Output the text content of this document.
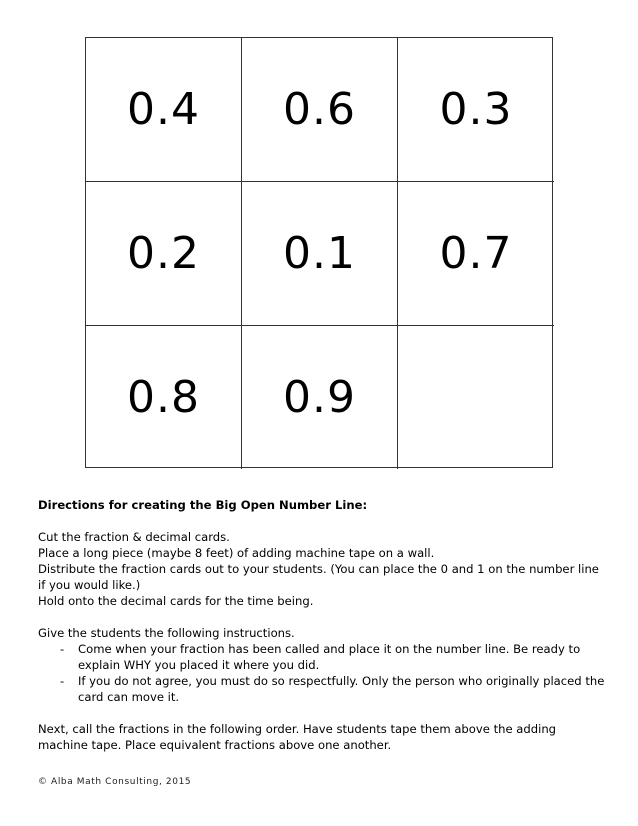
0.4	0.6	0.3
0.2	0.1	0.7
0.8	0.9

Directions for creating the Big Open Number Line:

Cut the fraction & decimal cards.

Place a long piece (maybe 8 feet) of adding machine tape on a wall.

Distribute the fraction cards out to your students. (You can place the 0 and 1 on the number line if you would like.)

Hold onto the decimal cards for the time being.

Give the students the following instructions.

- Come when your fraction has been called and place it on the number line. Be ready to explain WHY you placed it where you did.
- If you do not agree, you must do so respectfully. Only the person who originally placed the card can move it.

Next, call the fractions in the following order. Have students tape them above the adding machine tape. Place equivalent fractions above one another.

© Alba Math Consulting, 2015
